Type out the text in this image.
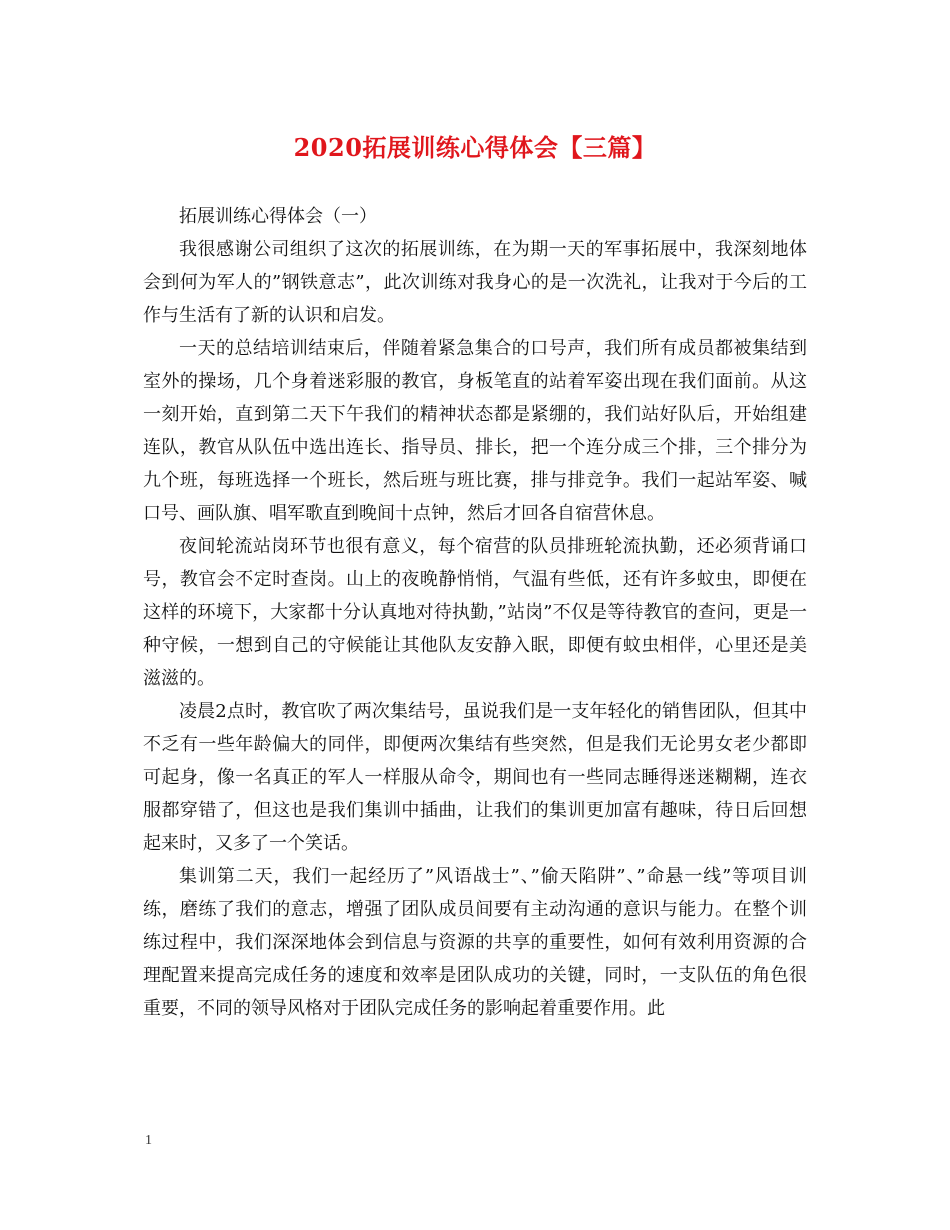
2020拓展训练心得体会【三篇】

拓展训练心得体会（一）

我很感谢公司组织了这次的拓展训练，在为期一天的军事拓展中，我深刻地体会到何为军人的”钢铁意志”，此次训练对我身心的是一次洗礼，让我对于今后的工作与生活有了新的认识和启发。

一天的总结培训结束后，伴随着紧急集合的口号声，我们所有成员都被集结到室外的操场，几个身着迷彩服的教官，身板笔直的站着军姿出现在我们面前。从这一刻开始，直到第二天下午我们的精神状态都是紧绷的，我们站好队后，开始组建连队，教官从队伍中选出连长、指导员、排长，把一个连分成三个排，三个排分为九个班，每班选择一个班长，然后班与班比赛，排与排竞争。我们一起站军姿、喊口号、画队旗、唱军歌直到晚间十点钟，然后才回各自宿营休息。

夜间轮流站岗环节也很有意义，每个宿营的队员排班轮流执勤，还必须背诵口号，教官会不定时查岗。山上的夜晚静悄悄，气温有些低，还有许多蚊虫，即便在这样的环境下，大家都十分认真地对待执勤，”站岗”不仅是等待教官的查问，更是一种守候，一想到自己的守候能让其他队友安静入眠，即便有蚊虫相伴，心里还是美滋滋的。

凌晨2点时，教官吹了两次集结号，虽说我们是一支年轻化的销售团队，但其中不乏有一些年龄偏大的同伴，即便两次集结有些突然，但是我们无论男女老少都即可起身，像一名真正的军人一样服从命令，期间也有一些同志睡得迷迷糊糊，连衣服都穿错了，但这也是我们集训中插曲，让我们的集训更加富有趣味，待日后回想起来时，又多了一个笑话。

集训第二天，我们一起经历了”风语战士”、”偷天陷阱”、”命悬一线”等项目训练，磨练了我们的意志，增强了团队成员间要有主动沟通的意识与能力。在整个训练过程中，我们深深地体会到信息与资源的共享的重要性，如何有效利用资源的合理配置来提高完成任务的速度和效率是团队成功的关键，同时，一支队伍的角色很重要，不同的领导风格对于团队完成任务的影响起着重要作用。此

1
